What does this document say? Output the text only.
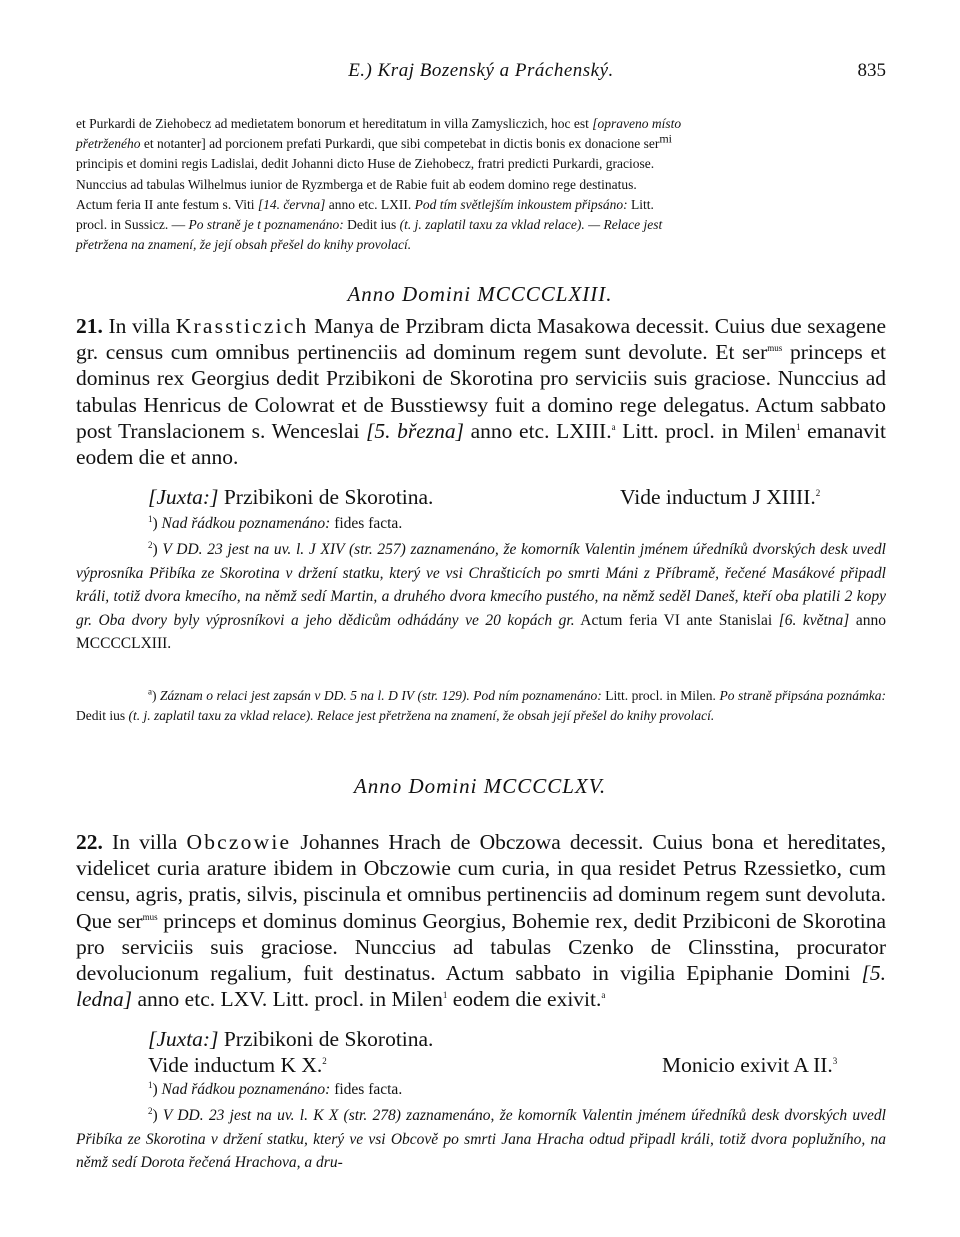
E.) Kraj Bozenský a Práchenský.	835

et Purkardi de Ziehobecz ad medietatem bonorum et hereditatum in villa Zamysliczich, hoc est [opraveno místo

přetrženého et notanter] ad porcionem prefati Purkardi, que sibi competebat in dictis bonis ex donacione sermi

principis et domini regis Ladislai, dedit Johanni dicto Huse de Ziehobecz, fratri predicti Purkardi, graciose.

Nunccius ad tabulas Wilhelmus iunior de Ryzmberga et de Rabie fuit ab eodem domino rege destinatus.

Actum feria II ante festum s. Viti [14. června] anno etc. LXII. Pod tím světlejším inkoustem připsáno: Litt.

procl. in Sussicz. — Po straně je t poznamenáno: Dedit ius (t. j. zaplatil taxu za vklad relace). — Relace jest

přetržena na znamení, že její obsah přešel do knihy provolací.

Anno Domini MCCCCLXIII.

21. In villa Krassticzich Manya de Przibram dicta Masakowa decessit. Cuius due sexagene gr. census cum omnibus pertinenciis ad dominum regem sunt devolute. Et ser$^{mus}$ princeps et dominus rex Georgius dedit Przibikoni de Skorotina pro serviciis suis graciose. Nunccius ad tabulas Henricus de Colowrat et de Busstiewsy fuit a domino rege delegatus. Actum sabbato post Translacionem s. Wenceslai [5. března] anno etc. LXIII.$^a$ Litt. procl. in Milen$^1$ emanavit eodem die et anno.

[Juxta:] Przibikoni de Skorotina.	Vide inductum J XIIII.$^2$

$^1$) Nad řádkou poznamenáno: fides facta.

$^2$) V DD. 23 jest na uv. l. J XIV (str. 257) zaznamenáno, že komorník Valentin jménem úředníků dvorských desk uvedl výprosníka Přibíka ze Skorotina v držení statku, který ve vsi Chrašticích po smrti Máni z Příbramě, řečené Masákové připadl králi, totiž dvora kmecího, na němž sedí Martin, a druhého dvora kmecího pustého, na němž seděl Daneš, kteří oba platili 2 kopy gr. Oba dvory byly výprosníkovi a jeho dědicům odhádány ve 20 kopách gr. Actum feria VI ante Stanislai [6. května] anno MCCCCLXIII.

$^a$) Záznam o relaci jest zapsán v DD. 5 na l. D IV (str. 129). Pod ním poznamenáno: Litt. procl. in Milen. Po straně připsána poznámka: Dedit ius (t. j. zaplatil taxu za vklad relace). Relace jest přetržena na znamení, že obsah její přešel do knihy provolací.

Anno Domini MCCCCLXV.

22. In villa Obczowie Johannes Hrach de Obczowa decessit. Cuius bona et hereditates, videlicet curia arature ibidem in Obczowie cum curia, in qua residet Petrus Rzessietko, cum censu, agris, pratis, silvis, piscinula et omnibus pertinenciis ad dominum regem sunt devoluta. Que ser$^{mus}$ princeps et dominus dominus Georgius, Bohemie rex, dedit Przibiconi de Skorotina pro serviciis suis graciose. Nunccius ad tabulas Czenko de Clinsstina, procurator devolucionum regalium, fuit destinatus. Actum sabbato in vigilia Epiphanie Domini [5. ledna] anno etc. LXV. Litt. procl. in Milen$^1$ eodem die exivit.$^a$

[Juxta:] Przibikoni de Skorotina.
Vide inductum K X.$^2$	Monicio exivit A II.$^3$

$^1$) Nad řádkou poznamenáno: fides facta.

$^2$) V DD. 23 jest na uv. l. K X (str. 278) zaznamenáno, že komorník Valentin jménem úředníků desk dvorských uvedl Přibíka ze Skorotina v držení statku, který ve vsi Obcově po smrti Jana Hracha odtud připadl králi, totiž dvora poplužního, na němž sedí Dorota řečená Hrachova, a dru-
